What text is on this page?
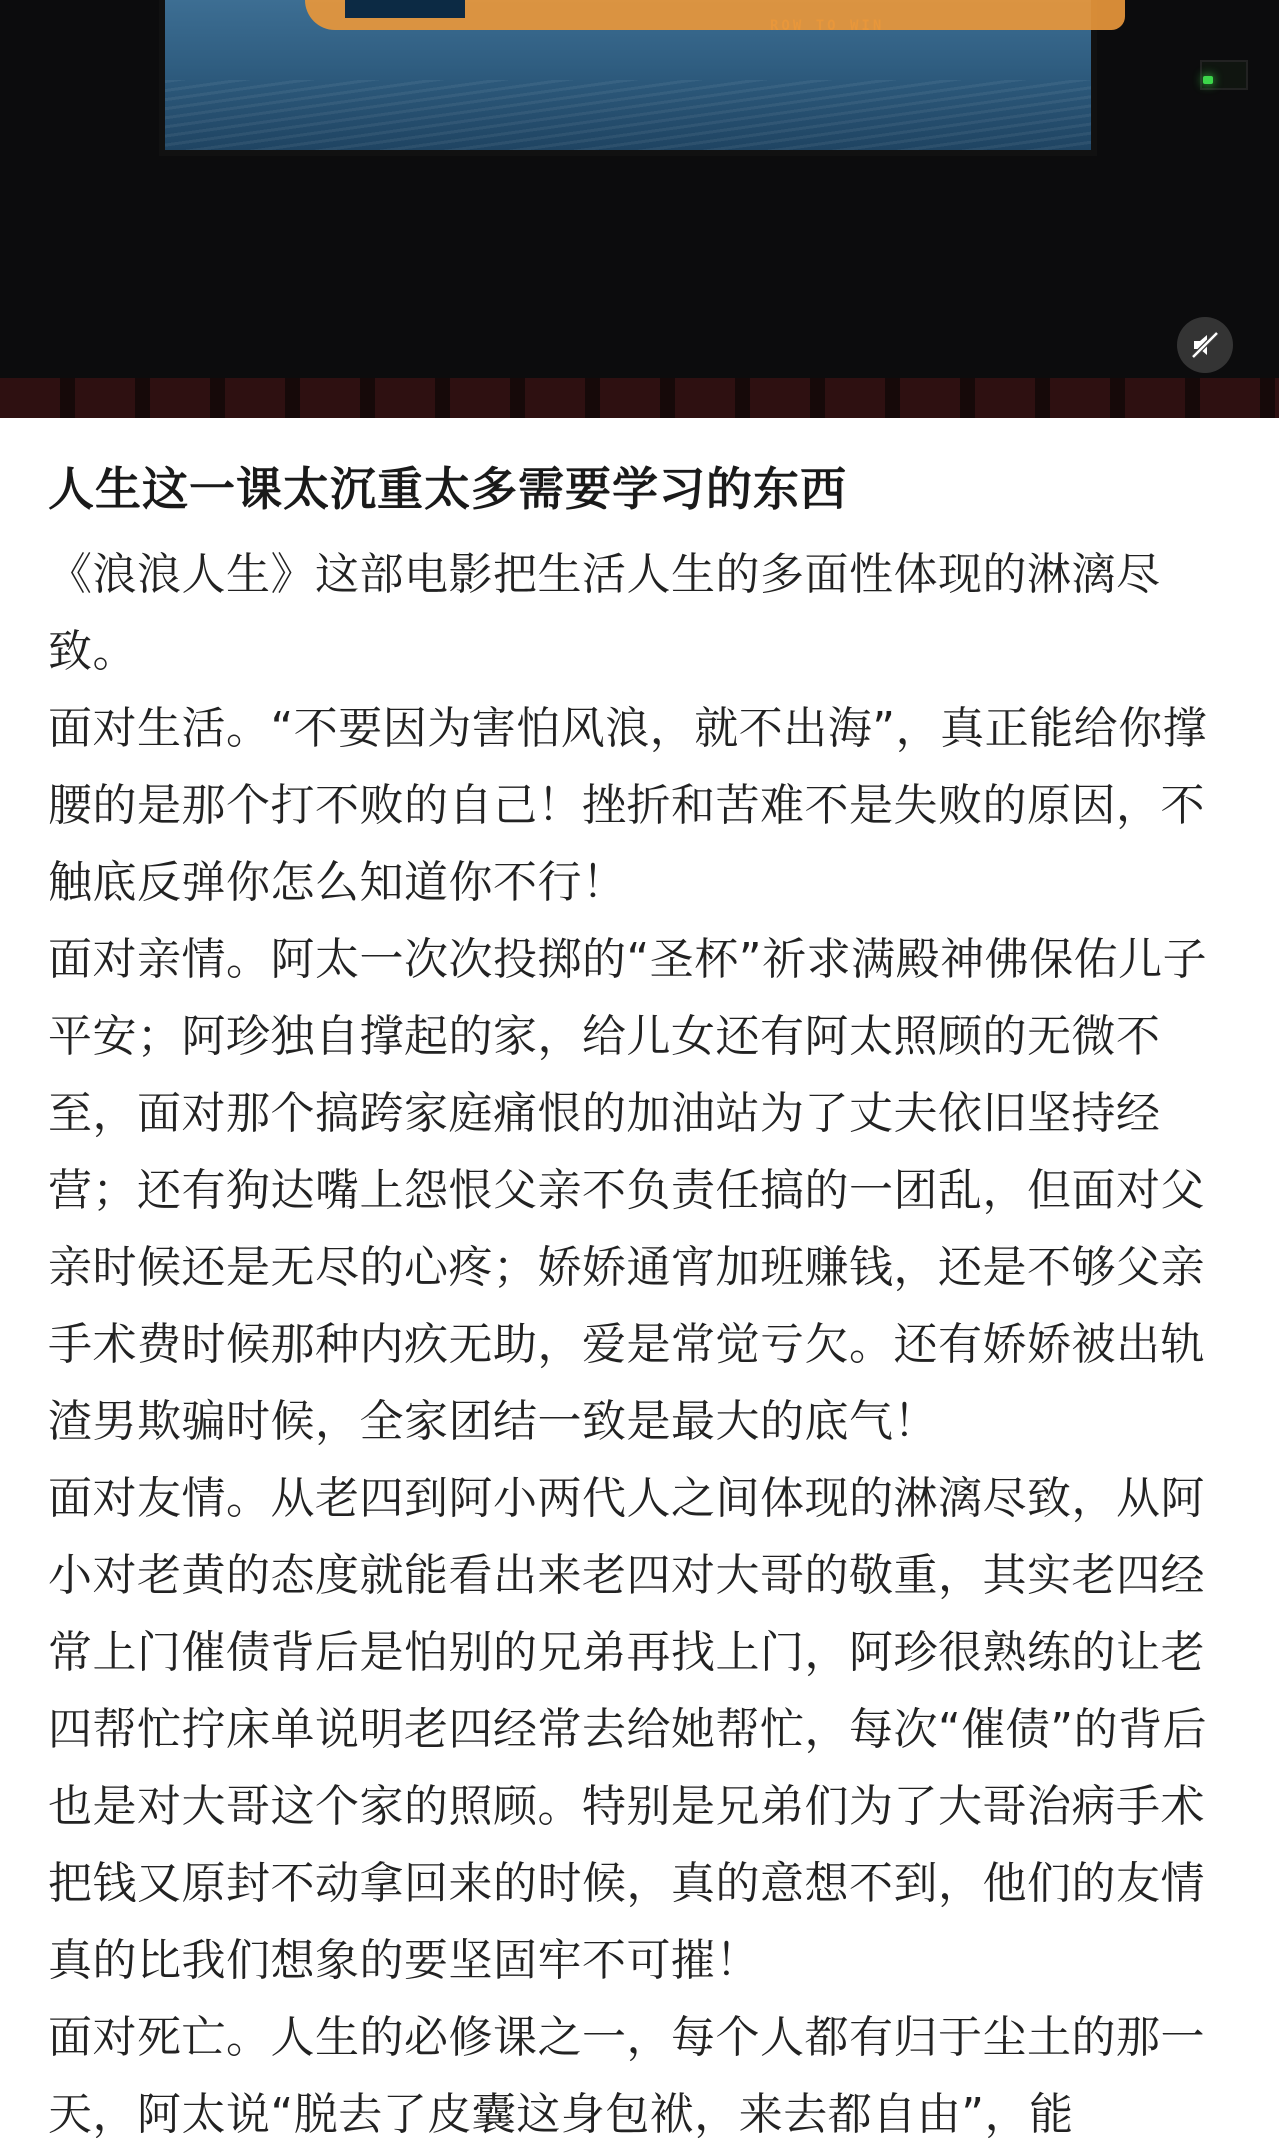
ROW TO WIN
人生这一课太沉重太多需要学习的东西

《浪浪人生》这部电影把生活人生的多面性体现的淋漓尽致。

面对生活。“不要因为害怕风浪，就不出海”，真正能给你撑腰的是那个打不败的自己！挫折和苦难不是失败的原因，不触底反弹你怎么知道你不行！

面对亲情。阿太一次次投掷的“圣杯”祈求满殿神佛保佑儿子平安；阿珍独自撑起的家，给儿女还有阿太照顾的无微不至，面对那个搞跨家庭痛恨的加油站为了丈夫依旧坚持经营；还有狗达嘴上怨恨父亲不负责任搞的一团乱，但面对父亲时候还是无尽的心疼；娇娇通宵加班赚钱，还是不够父亲手术费时候那种内疚无助，爱是常觉亏欠。还有娇娇被出轨渣男欺骗时候，全家团结一致是最大的底气！

面对友情。从老四到阿小两代人之间体现的淋漓尽致，从阿小对老黄的态度就能看出来老四对大哥的敬重，其实老四经常上门催债背后是怕别的兄弟再找上门，阿珍很熟练的让老四帮忙拧床单说明老四经常去给她帮忙，每次“催债”的背后也是对大哥这个家的照顾。特别是兄弟们为了大哥治病手术把钱又原封不动拿回来的时候，真的意想不到，他们的友情真的比我们想象的要坚固牢不可摧！

面对死亡。人生的必修课之一，每个人都有归于尘土的那一天，阿太说“脱去了皮囊这身包袱，来去都自由”，能
